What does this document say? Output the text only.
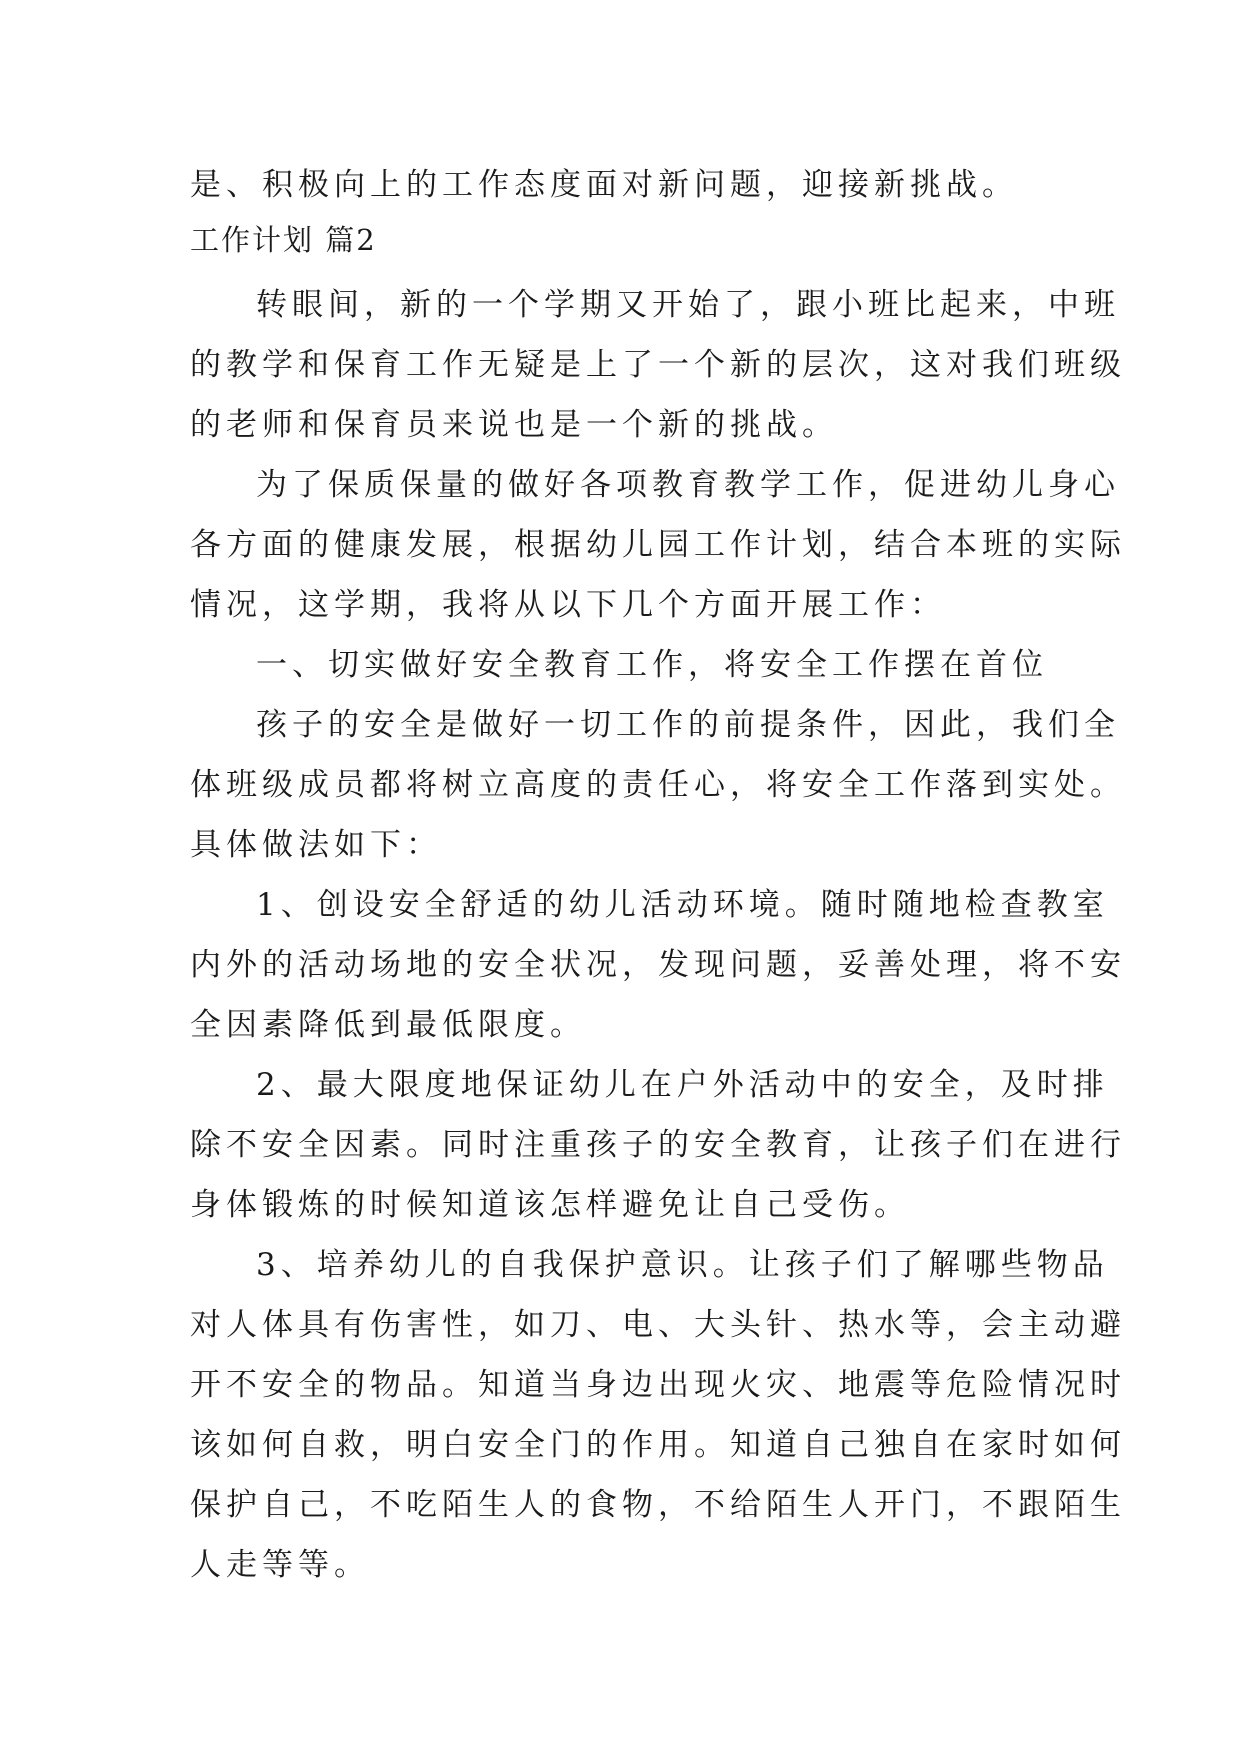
是、积极向上的工作态度面对新问题，迎接新挑战。

工作计划 篇2

转眼间，新的一个学期又开始了，跟小班比起来，中班

的教学和保育工作无疑是上了一个新的层次，这对我们班级

的老师和保育员来说也是一个新的挑战。

为了保质保量的做好各项教育教学工作，促进幼儿身心

各方面的健康发展，根据幼儿园工作计划，结合本班的实际

情况，这学期，我将从以下几个方面开展工作：

一、切实做好安全教育工作，将安全工作摆在首位

孩子的安全是做好一切工作的前提条件，因此，我们全

体班级成员都将树立高度的责任心，将安全工作落到实处。

具体做法如下：

1、创设安全舒适的幼儿活动环境。随时随地检查教室

内外的活动场地的安全状况，发现问题，妥善处理，将不安

全因素降低到最低限度。

2、最大限度地保证幼儿在户外活动中的安全，及时排

除不安全因素。同时注重孩子的安全教育，让孩子们在进行

身体锻炼的时候知道该怎样避免让自己受伤。

3、培养幼儿的自我保护意识。让孩子们了解哪些物品

对人体具有伤害性，如刀、电、大头针、热水等，会主动避

开不安全的物品。知道当身边出现火灾、地震等危险情况时

该如何自救，明白安全门的作用。知道自己独自在家时如何

保护自己，不吃陌生人的食物，不给陌生人开门，不跟陌生

人走等等。
